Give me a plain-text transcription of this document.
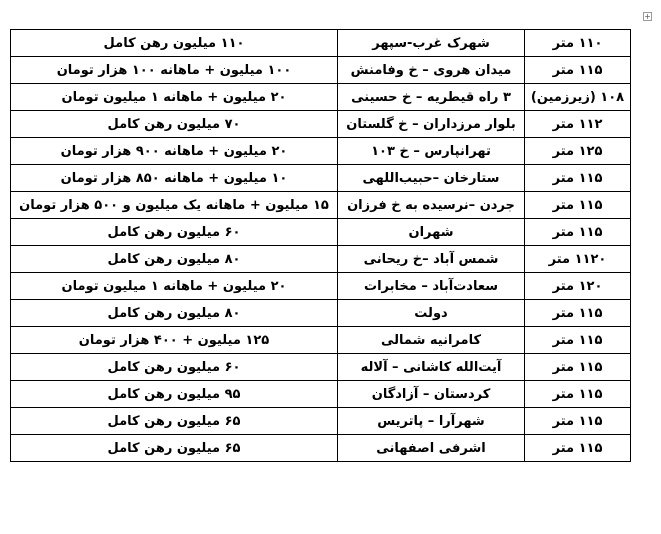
+
۱۱۰ متر	شهرک غرب-سپهر	۱۱۰ میلیون رهن کامل
۱۱۵ متر	میدان هروی – خ وفامنش	۱۰۰ میلیون + ماهانه ۱۰۰ هزار تومان
۱۰۸ (زیرزمین)	۳ راه قیطریه – خ حسینی	۲۰ میلیون + ماهانه ۱ میلیون تومان
۱۱۲ متر	بلوار مرزداران – خ گلستان	۷۰ میلیون رهن کامل
۱۲۵ متر	تهرانپارس – خ ۱۰۳	۲۰ میلیون + ماهانه ۹۰۰ هزار تومان
۱۱۵ متر	ستارخان –حبیب‌اللهی	۱۰ میلیون + ماهانه ۸۵۰ هزار تومان
۱۱۵ متر	جردن –نرسیده به خ فرزان	۱۵ میلیون + ماهانه یک میلیون و ۵۰۰ هزار تومان
۱۱۵ متر	شهران	۶۰ میلیون رهن کامل
۱۱۲۰ متر	شمس آباد –خ ریحانی	۸۰ میلیون رهن کامل
۱۲۰ متر	سعادت‌آباد – مخابرات	۲۰ میلیون + ماهانه ۱ میلیون تومان
۱۱۵ متر	دولت	۸۰ میلیون رهن کامل
۱۱۵ متر	کامرانیه شمالی	۱۲۵ میلیون + ۴۰۰ هزار تومان
۱۱۵ متر	آیت‌الله کاشانی – آلاله	۶۰ میلیون رهن کامل
۱۱۵ متر	کردستان – آزادگان	۹۵ میلیون رهن کامل
۱۱۵ متر	شهرآرا – پاتریس	۶۵ میلیون رهن کامل
۱۱۵ متر	اشرفی اصفهانی	۶۵ میلیون رهن کامل
